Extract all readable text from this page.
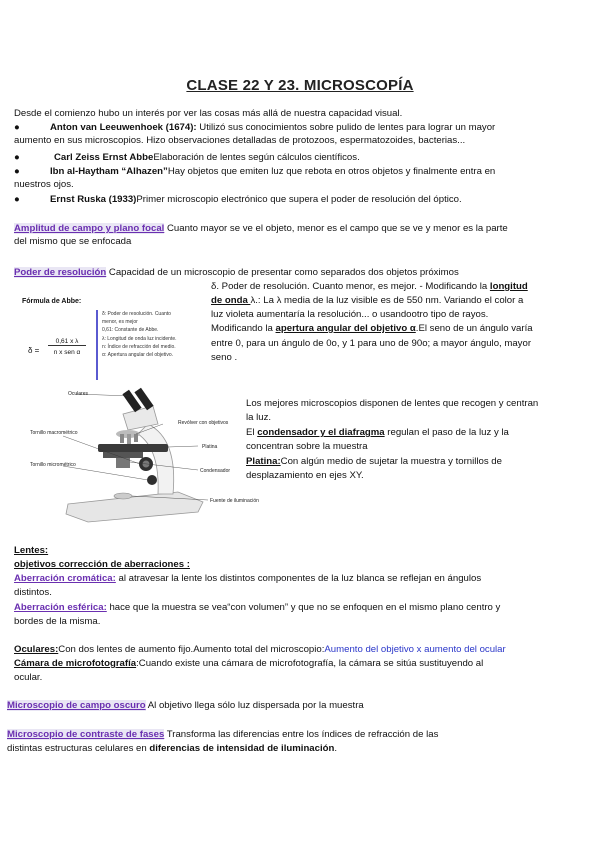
CLASE 22 Y 23. MICROSCOPÍA
Desde el comienzo hubo un interés por ver las cosas más allá de nuestra capacidad visual.
●	Anton van Leeuwenhoek (1674): Utilizó sus conocimientos sobre pulido de lentes para lograr un mayor
aumento en sus microscopios. Hizo observaciones detalladas de protozoos, espermatozoides, bacterias...
●	Carl Zeiss Ernst AbbeElaboración de lentes según cálculos científicos.
●	Ibn al-Haytham “Alhazen”Hay objetos que emiten luz que rebota en otros objetos y finalmente entra en
nuestros ojos.
●	Ernst Ruska (1933)Primer microscopio electrónico que supera el poder de resolución del óptico.
Amplitud de campo y plano focal Cuanto mayor se ve el objeto, menor es el campo que se ve y menor es la parte
del mismo que se enfocada
Poder de resolución Capacidad de un microscopio de presentar como separados dos objetos próximos
Fórmula de Abbe:
δ =
0,61 x λ
n x sen α
δ: Poder de resolución. Cuanto
menor, es mejor
0,61: Constante de Abbe.
λ: Longitud de onda luz incidente.
n: Índice de refracción del medio.
α: Apertura angular del objetivo.
δ. Poder de resolución. Cuanto menor, es mejor. - Modificando la longitud
de onda λ.: La λ media de la luz visible es de 550 nm. Variando el color a
luz violeta aumentaría la resolución... o usandootro tipo de rayos.
Modificando la apertura angular del objetivo α.El seno de un ángulo varía
entre 0, para un ángulo de 0o, y 1 para uno de 90o; a mayor ángulo, mayor
seno .
Oculares
Revólver con objetivos
Tornillo macrométrico
Platina
Tornillo micrométrico
Condensador
Fuente de iluminación
Los mejores microscopios disponen de lentes que recogen y centran
la luz.
El condensador y el diafragma regulan el paso de la luz y la
concentran sobre la muestra
Platina:Con algún medio de sujetar la muestra y tornillos de
desplazamiento en ejes XY.
Lentes:
objetivos corrección de aberraciones :
Aberración cromática: al atravesar la lente los distintos componentes de la luz blanca se reflejan en ángulos
distintos.
Aberración esférica: hace que la muestra se vea“con volumen” y que no se enfoquen en el mismo plano centro y
bordes de la misma.
Oculares:Con dos lentes de aumento fijo.Aumento total del microscopio:Aumento del objetivo x aumento del ocular
Cámara de microfotografía:Cuando existe una cámara de microfotografía, la cámara se sitúa sustituyendo al
ocular.
Microscopio de campo oscuro Al objetivo llega sólo luz dispersada por la muestra
Microscopio de contraste de fases Transforma las diferencias entre los índices de refracción de las
distintas estructuras celulares en diferencias de intensidad de iluminación.
